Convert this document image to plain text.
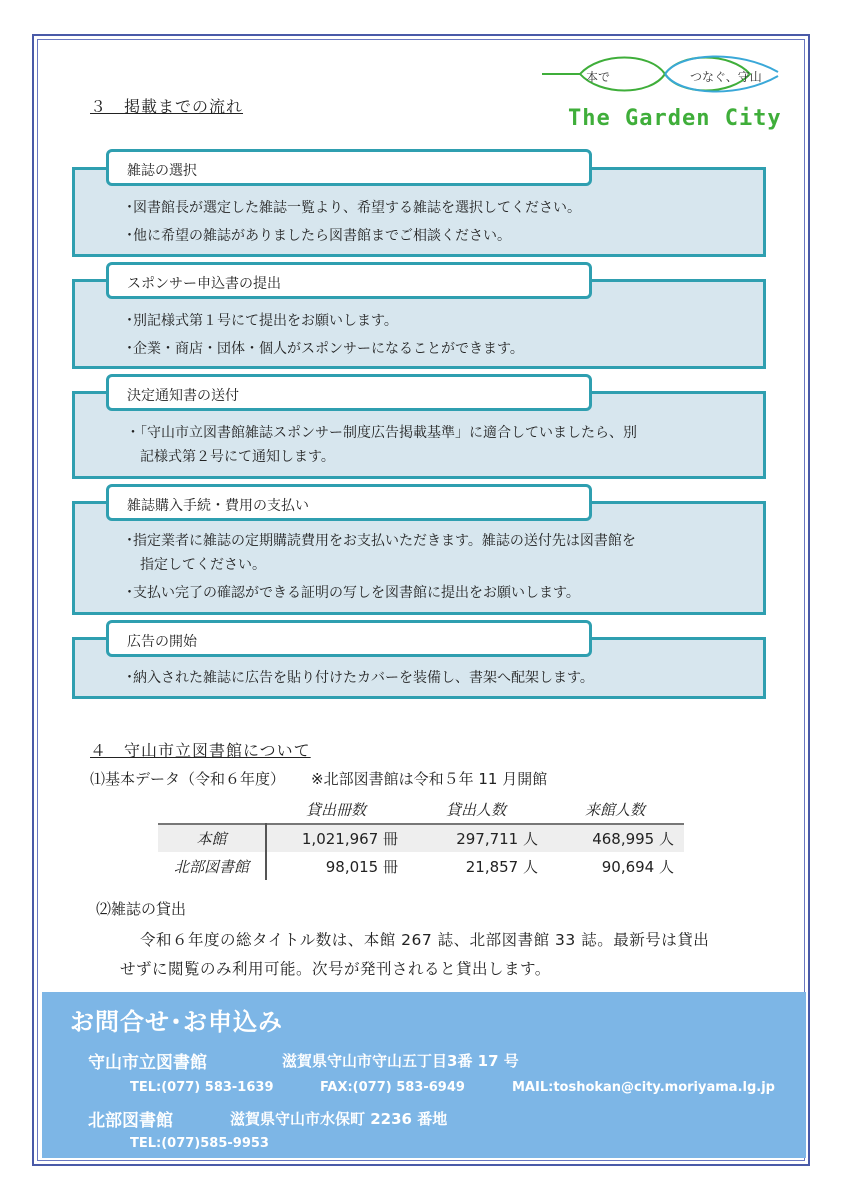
本で	つなぐ、守山
The Garden City
３　掲載までの流れ
雑誌の選択
･図書館長が選定した雑誌一覧より、希望する雑誌を選択してください。
･他に希望の雑誌がありましたら図書館までご相談ください。
スポンサー申込書の提出
･別記様式第１号にて提出をお願いします。
･企業・商店・団体・個人がスポンサーになることができます。
決定通知書の送付
・「守山市立図書館雑誌スポンサー制度広告掲載基準」に適合していましたら、別
　記様式第２号にて通知します。
雑誌購入手続・費用の支払い
･指定業者に雑誌の定期購読費用をお支払いただきます。雑誌の送付先は図書館を
　指定してください。
･支払い完了の確認ができる証明の写しを図書館に提出をお願いします。
広告の開始
･納入された雑誌に広告を貼り付けたカバーを装備し、書架へ配架します。
４　守山市立図書館について
⑴基本データ（令和６年度） ※北部図書館は令和５年 11 月開館
	貸出冊数	貸出人数	来館人数
本館	1,021,967 冊	297,711 人	468,995 人
北部図書館	98,015 冊	21,857 人	90,694 人
⑵雑誌の貸出
令和６年度の総タイトル数は、本館 267 誌、北部図書館 33 誌。最新号は貸出
せずに閲覧のみ利用可能。次号が発刊されると貸出します。
お問合せ･お申込み
守山市立図書館	滋賀県守山市守山五丁目3番 17 号
TEL:(077) 583-1639	FAX:(077) 583-6949	MAIL:toshokan@city.moriyama.lg.jp
北部図書館	滋賀県守山市水保町 2236 番地
TEL:(077)585-9953
